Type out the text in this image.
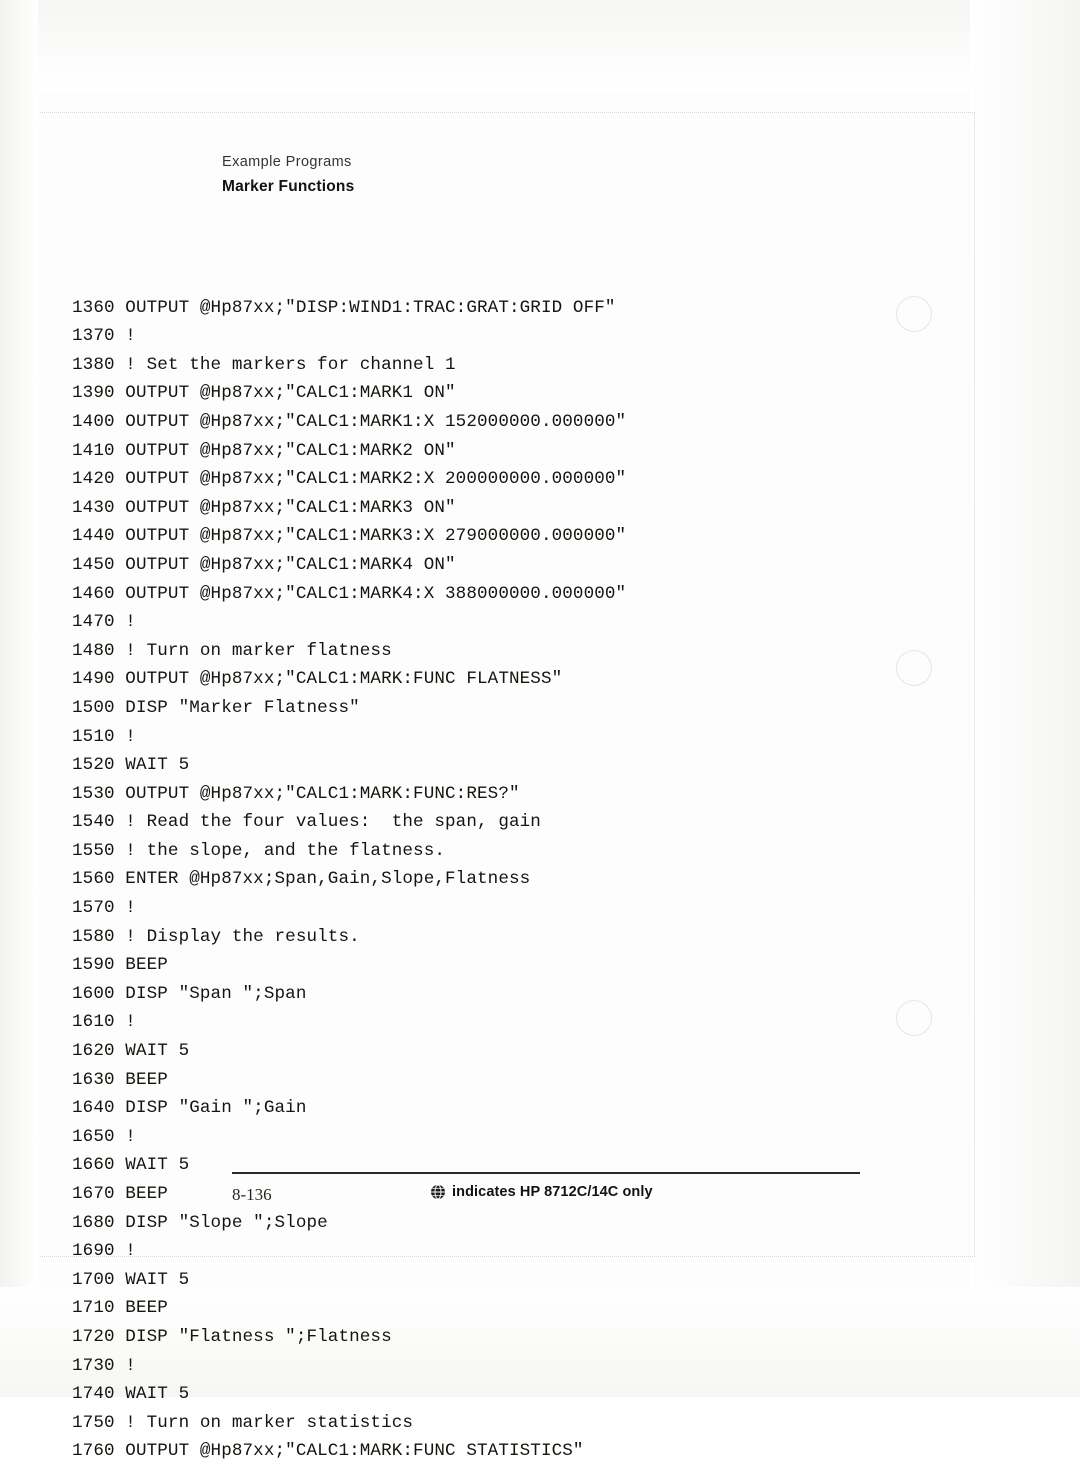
Example Programs
Marker Functions
1360 OUTPUT @Hp87xx;"DISP:WIND1:TRAC:GRAT:GRID OFF"
1370 !
1380 ! Set the markers for channel 1
1390 OUTPUT @Hp87xx;"CALC1:MARK1 ON"
1400 OUTPUT @Hp87xx;"CALC1:MARK1:X 152000000.000000"
1410 OUTPUT @Hp87xx;"CALC1:MARK2 ON"
1420 OUTPUT @Hp87xx;"CALC1:MARK2:X 200000000.000000"
1430 OUTPUT @Hp87xx;"CALC1:MARK3 ON"
1440 OUTPUT @Hp87xx;"CALC1:MARK3:X 279000000.000000"
1450 OUTPUT @Hp87xx;"CALC1:MARK4 ON"
1460 OUTPUT @Hp87xx;"CALC1:MARK4:X 388000000.000000"
1470 !
1480 ! Turn on marker flatness
1490 OUTPUT @Hp87xx;"CALC1:MARK:FUNC FLATNESS"
1500 DISP "Marker Flatness"
1510 !
1520 WAIT 5
1530 OUTPUT @Hp87xx;"CALC1:MARK:FUNC:RES?"
1540 ! Read the four values:  the span, gain
1550 ! the slope, and the flatness.
1560 ENTER @Hp87xx;Span,Gain,Slope,Flatness
1570 !
1580 ! Display the results.
1590 BEEP
1600 DISP "Span ";Span
1610 !
1620 WAIT 5
1630 BEEP
1640 DISP "Gain ";Gain
1650 !
1660 WAIT 5
1670 BEEP
1680 DISP "Slope ";Slope
1690 !
1700 WAIT 5
1710 BEEP
1720 DISP "Flatness ";Flatness
1730 !
1740 WAIT 5
1750 ! Turn on marker statistics
1760 OUTPUT @Hp87xx;"CALC1:MARK:FUNC STATISTICS"
8-136	indicates HP 8712C/14C only
